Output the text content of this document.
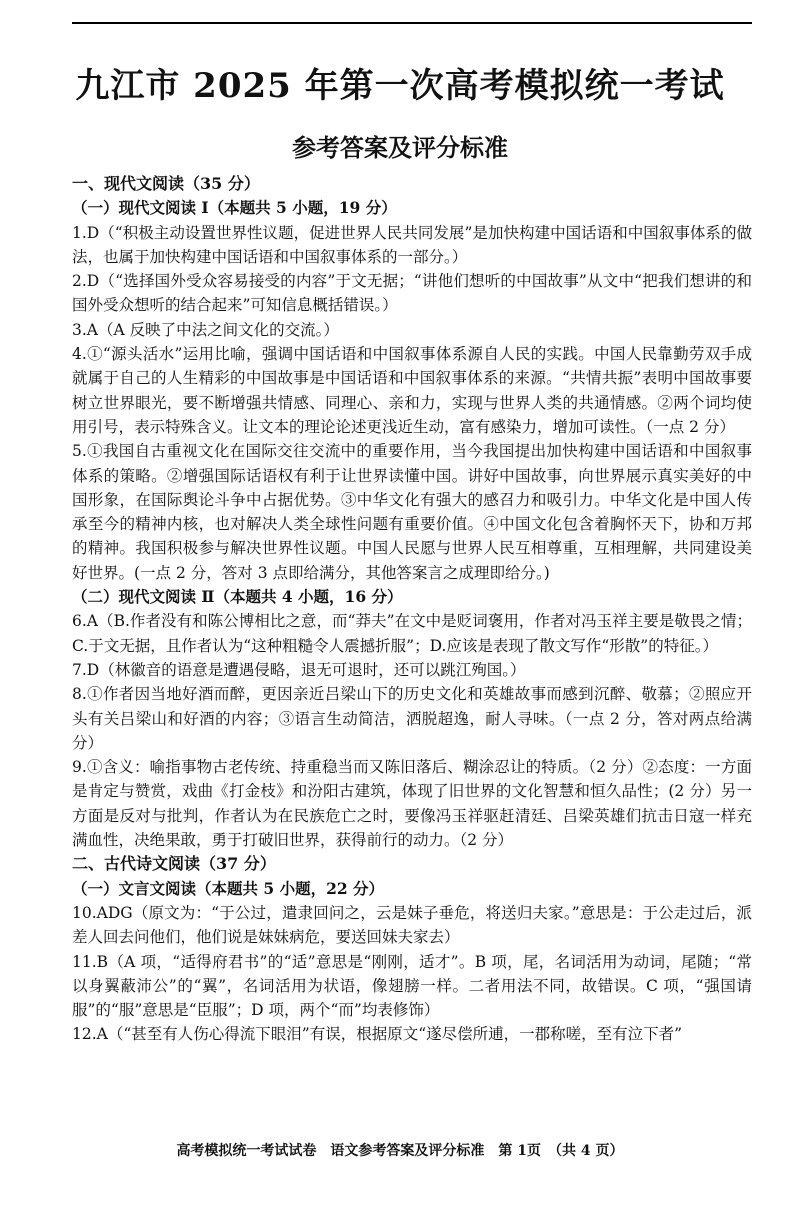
九江市 2025 年第一次高考模拟统一考试
参考答案及评分标准

一、现代文阅读（35 分）

（一）现代文阅读 Ⅰ（本题共 5 小题，19 分）

1.D（“积极主动设置世界性议题，促进世界人民共同发展”是加快构建中国话语和中国叙事体系的做法，也属于加快构建中国话语和中国叙事体系的一部分。）

2.D（“选择国外受众容易接受的内容”于文无据；“讲他们想听的中国故事”从文中“把我们想讲的和国外受众想听的结合起来”可知信息概括错误。）

3.A（A 反映了中法之间文化的交流。）

4.①“源头活水”运用比喻，强调中国话语和中国叙事体系源自人民的实践。中国人民靠勤劳双手成就属于自己的人生精彩的中国故事是中国话语和中国叙事体系的来源。“共情共振”表明中国故事要树立世界眼光，要不断增强共情感、同理心、亲和力，实现与世界人类的共通情感。②两个词均使用引号，表示特殊含义。让文本的理论论述更浅近生动，富有感染力，增加可读性。（一点 2 分）

5.①我国自古重视文化在国际交往交流中的重要作用，当今我国提出加快构建中国话语和中国叙事体系的策略。②增强国际话语权有利于让世界读懂中国。讲好中国故事，向世界展示真实美好的中国形象，在国际舆论斗争中占据优势。③中华文化有强大的感召力和吸引力。中华文化是中国人传承至今的精神内核，也对解决人类全球性问题有重要价值。④中国文化包含着胸怀天下，协和万邦的精神。我国积极参与解决世界性议题。中国人民愿与世界人民互相尊重，互相理解，共同建设美好世界。(一点 2 分，答对 3 点即给满分，其他答案言之成理即给分。)

（二）现代文阅读 Ⅱ（本题共 4 小题，16 分）

6.A（B.作者没有和陈公博相比之意，而“莽夫”在文中是贬词褒用，作者对冯玉祥主要是敬畏之情；C.于文无据，且作者认为“这种粗糙令人震撼折服”；D.应该是表现了散文写作“形散”的特征。）

7.D（林徽音的语意是遭遇侵略，退无可退时，还可以跳江殉国。）

8.①作者因当地好酒而醉，更因亲近吕梁山下的历史文化和英雄故事而感到沉醉、敬慕；②照应开头有关吕梁山和好酒的内容；③语言生动简洁，洒脱超逸，耐人寻味。（一点 2 分，答对两点给满分）

9.①含义：喻指事物古老传统、持重稳当而又陈旧落后、糊涂忍让的特质。（2 分）②态度：一方面是肯定与赞赏，戏曲《打金枝》和汾阳古建筑，体现了旧世界的文化智慧和恒久品性；(2 分）另一方面是反对与批判，作者认为在民族危亡之时，要像冯玉祥驱赶清廷、吕梁英雄们抗击日寇一样充满血性，决绝果敢，勇于打破旧世界，获得前行的动力。（2 分）

二、古代诗文阅读（37 分）

（一）文言文阅读（本题共 5 小题，22 分）

10.ADG（原文为：“于公过，遣隶回问之，云是妹子垂危，将送归夫家。”意思是：于公走过后，派差人回去问他们，他们说是妹妹病危，要送回妹夫家去）

11.B（A 项，“适得府君书”的“适”意思是“刚刚，适才”。B 项，尾，名词活用为动词，尾随；“常以身翼蔽沛公”的“翼”，名词活用为状语，像翅膀一样。二者用法不同，故错误。C 项，“强国请服”的“服”意思是“臣服”；D 项，两个“而”均表修饰）

12.A（“甚至有人伤心得流下眼泪”有误，根据原文“遂尽偿所逋，一郡称嗟，至有泣下者”

高考模拟统一考试试卷　语文参考答案及评分标准　第 1页　（共 4 页）
